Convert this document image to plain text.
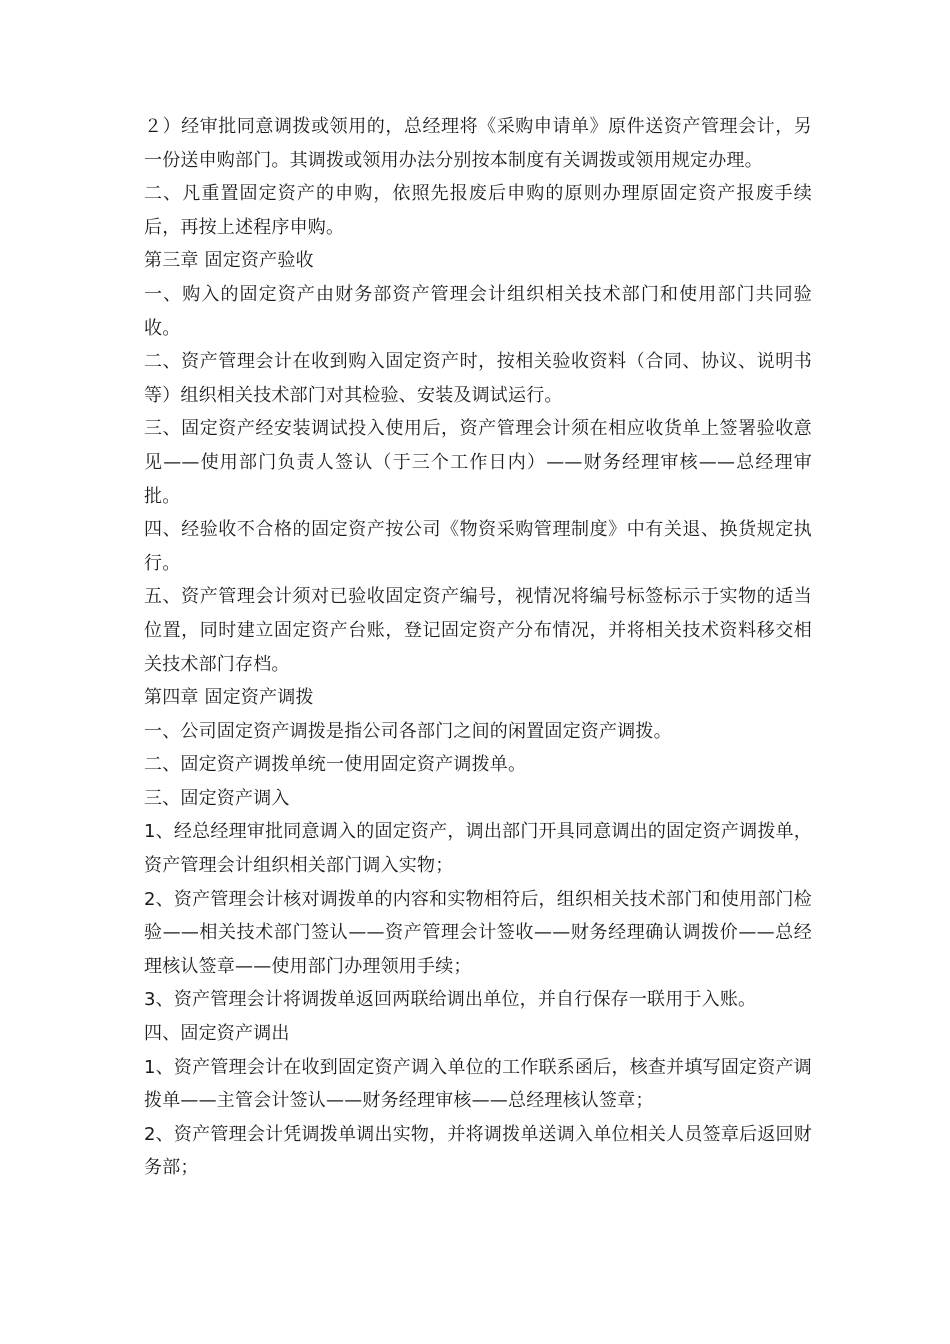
２）经审批同意调拨或领用的，总经理将《采购申请单》原件送资产管理会计，另一份送申购部门。其调拨或领用办法分别按本制度有关调拨或领用规定办理。

二、凡重置固定资产的申购，依照先报废后申购的原则办理原固定资产报废手续后，再按上述程序申购。

第三章 固定资产验收

一、购入的固定资产由财务部资产管理会计组织相关技术部门和使用部门共同验收。

二、资产管理会计在收到购入固定资产时，按相关验收资料（合同、协议、说明书等）组织相关技术部门对其检验、安装及调试运行。

三、固定资产经安装调试投入使用后，资产管理会计须在相应收货单上签署验收意见——使用部门负责人签认（于三个工作日内）——财务经理审核——总经理审批。

四、经验收不合格的固定资产按公司《物资采购管理制度》中有关退、换货规定执行。

五、资产管理会计须对已验收固定资产编号，视情况将编号标签标示于实物的适当位置，同时建立固定资产台账，登记固定资产分布情况，并将相关技术资料移交相关技术部门存档。

第四章 固定资产调拨

一、公司固定资产调拨是指公司各部门之间的闲置固定资产调拨。

二、固定资产调拨单统一使用固定资产调拨单。

三、固定资产调入

1、经总经理审批同意调入的固定资产，调出部门开具同意调出的固定资产调拨单，资产管理会计组织相关部门调入实物；

2、资产管理会计核对调拨单的内容和实物相符后，组织相关技术部门和使用部门检验——相关技术部门签认——资产管理会计签收——财务经理确认调拨价——总经理核认签章——使用部门办理领用手续；

3、资产管理会计将调拨单返回两联给调出单位，并自行保存一联用于入账。

四、固定资产调出

1、资产管理会计在收到固定资产调入单位的工作联系函后，核查并填写固定资产调拨单——主管会计签认——财务经理审核——总经理核认签章；

2、资产管理会计凭调拨单调出实物，并将调拨单送调入单位相关人员签章后返回财务部；
